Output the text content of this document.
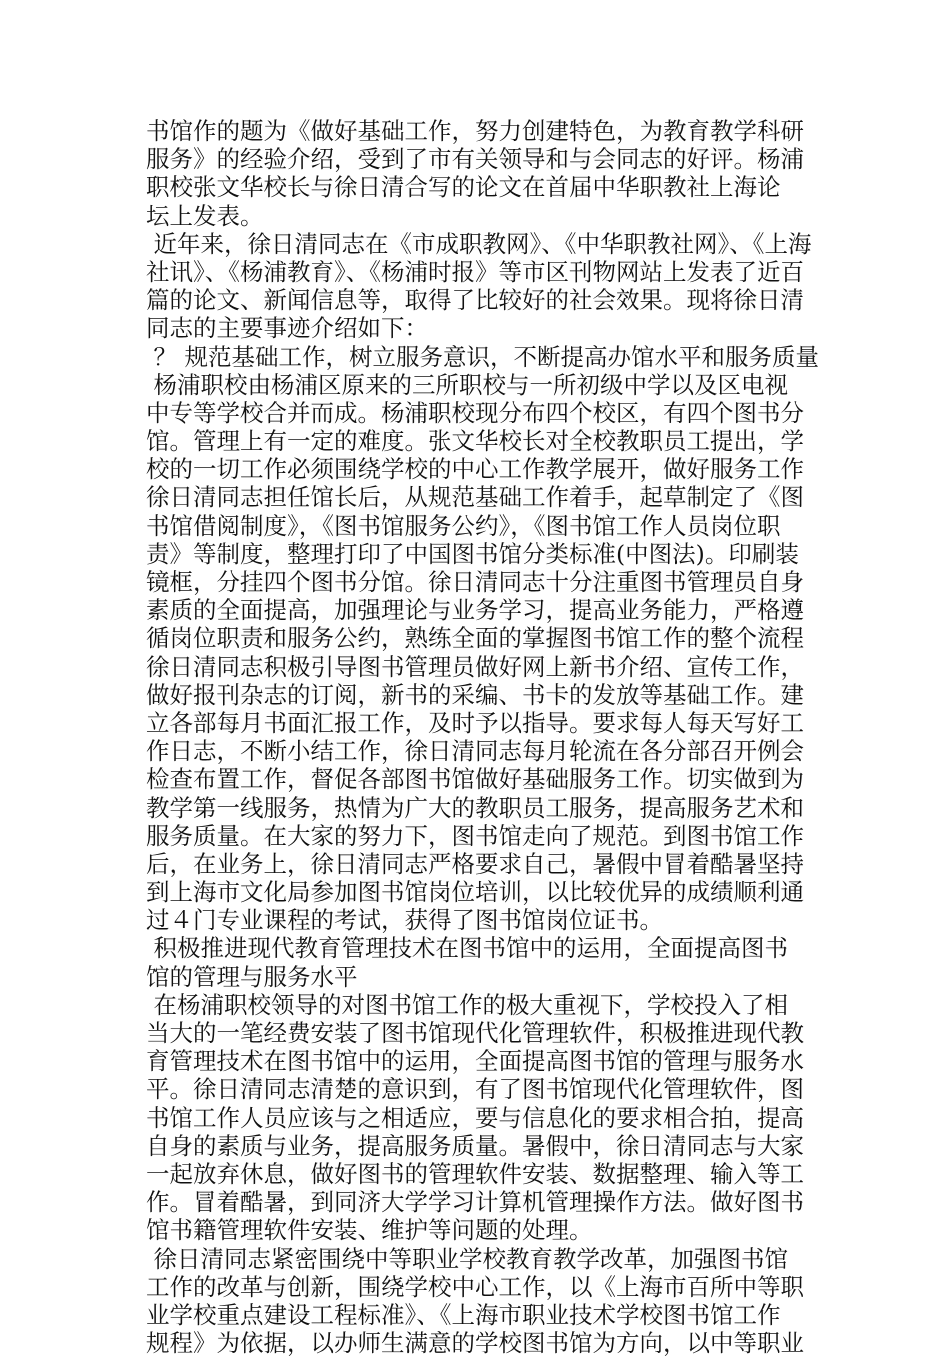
书馆作的题为《做好基础工作，努力创建特色，为教育教学科研
服务》的经验介绍，受到了市有关领导和与会同志的好评。杨浦
职校张文华校长与徐日清合写的论文在首届中华职教社上海论
坛上发表。
近年来，徐日清同志在《市成职教网》、《中华职教社网》、《上海
社讯》、《杨浦教育》、《杨浦时报》等市区刊物网站上发表了近百
篇的论文、新闻信息等，取得了比较好的社会效果。现将徐日清
同志的主要事迹介绍如下：
？ 规范基础工作，树立服务意识，不断提高办馆水平和服务质量
杨浦职校由杨浦区原来的三所职校与一所初级中学以及区电视
中专等学校合并而成。杨浦职校现分布四个校区，有四个图书分
馆。管理上有一定的难度。张文华校长对全校教职员工提出，学
校的一切工作必须围绕学校的中心工作教学展开，做好服务工作
徐日清同志担任馆长后，从规范基础工作着手，起草制定了《图
书馆借阅制度》，《图书馆服务公约》，《图书馆工作人员岗位职
责》等制度，整理打印了中国图书馆分类标准(中图法)。印刷装
镜框，分挂四个图书分馆。徐日清同志十分注重图书管理员自身
素质的全面提高，加强理论与业务学习，提高业务能力，严格遵
循岗位职责和服务公约，熟练全面的掌握图书馆工作的整个流程
徐日清同志积极引导图书管理员做好网上新书介绍、宣传工作，
做好报刊杂志的订阅，新书的采编、书卡的发放等基础工作。建
立各部每月书面汇报工作，及时予以指导。要求每人每天写好工
作日志，不断小结工作，徐日清同志每月轮流在各分部召开例会
检查布置工作，督促各部图书馆做好基础服务工作。切实做到为
教学第一线服务，热情为广大的教职员工服务，提高服务艺术和
服务质量。在大家的努力下，图书馆走向了规范。到图书馆工作
后，在业务上，徐日清同志严格要求自己，暑假中冒着酷暑坚持
到上海市文化局参加图书馆岗位培训，以比较优异的成绩顺利通
过４门专业课程的考试，获得了图书馆岗位证书。
积极推进现代教育管理技术在图书馆中的运用，全面提高图书
馆的管理与服务水平
在杨浦职校领导的对图书馆工作的极大重视下，学校投入了相
当大的一笔经费安装了图书馆现代化管理软件，积极推进现代教
育管理技术在图书馆中的运用，全面提高图书馆的管理与服务水
平。徐日清同志清楚的意识到，有了图书馆现代化管理软件，图
书馆工作人员应该与之相适应，要与信息化的要求相合拍，提高
自身的素质与业务，提高服务质量。暑假中，徐日清同志与大家
一起放弃休息，做好图书的管理软件安装、数据整理、输入等工
作。冒着酷暑，到同济大学学习计算机管理操作方法。做好图书
馆书籍管理软件安装、维护等问题的处理。
徐日清同志紧密围绕中等职业学校教育教学改革，加强图书馆
工作的改革与创新，围绕学校中心工作，以《上海市百所中等职
业学校重点建设工程标准》、《上海市职业技术学校图书馆工作
规程》为依据，以办师生满意的学校图书馆为方向，以中等职业
